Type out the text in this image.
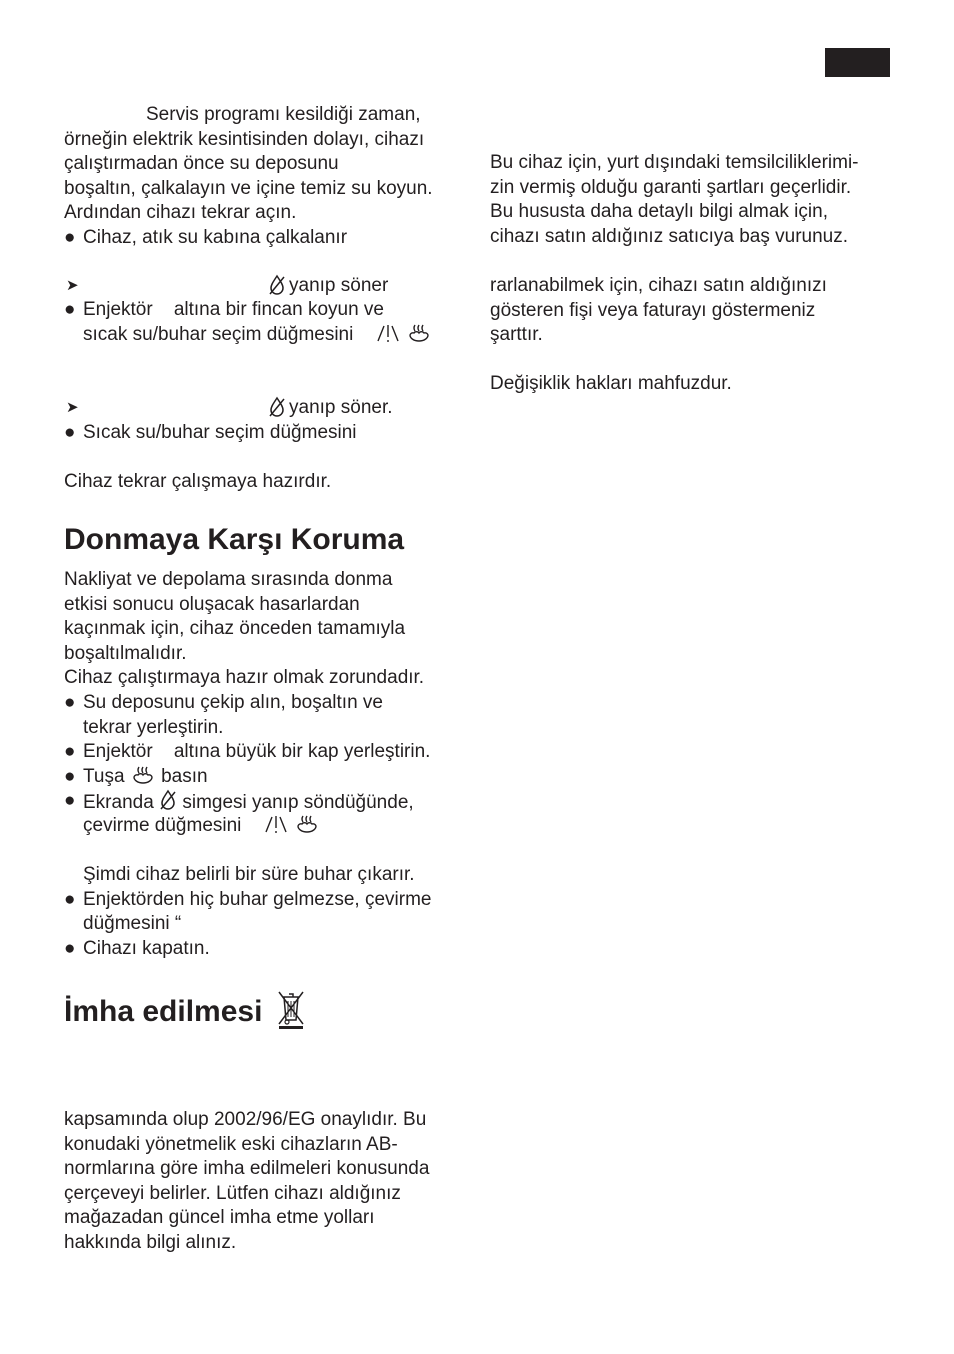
Servis programı kesildiği zaman,
örneğin elektrik kesintisinden dolayı, cihazı
çalıştırmadan önce su deposunu
boşaltın, çalkalayın ve içine temiz su koyun.
Ardından cihazı tekrar açın.
● Cihaz, atık su kabına çalkalanır
➤	yanıp söner
● Enjektör    altına bir fincan koyun ve
sıcak su/buhar seçim düğmesini
➤	yanıp söner.
● Sıcak su/buhar seçim düğmesini
Cihaz tekrar çalışmaya hazırdır.
Donmaya Karşı Koruma
Nakliyat ve depolama sırasında donma
etkisi sonucu oluşacak hasarlardan
kaçınmak için, cihaz önceden tamamıyla
boşaltılmalıdır.
Cihaz çalıştırmaya hazır olmak zorundadır.
● Su deposunu çekip alın, boşaltın ve
tekrar yerleştirin.
● Enjektör    altına büyük bir kap yerleştirin.
● Tuşa basın
● Ekranda simgesi yanıp söndüğünde,
çevirme düğmesini
Şimdi cihaz belirli bir süre buhar çıkarır.
● Enjektörden hiç buhar gelmezse, çevirme
düğmesini “
● Cihazı kapatın.
İmha edilmesi
kapsamında olup 2002/96/EG onaylıdır. Bu
konudaki yönetmelik eski cihazların AB-
normlarına göre imha edilmeleri konusunda
çerçeveyi belirler. Lütfen cihazı aldığınız
mağazadan güncel imha etme yolları
hakkında bilgi alınız.
Bu cihaz için, yurt dışındaki temsilciliklerimi-
zin vermiş olduğu garanti şartları geçerlidir.
Bu hususta daha detaylı bilgi almak için,
cihazı satın aldığınız satıcıya baş vurunuz.
rarlanabilmek için, cihazı satın aldığınızı
gösteren fişi veya faturayı göstermeniz
şarttır.
Değişiklik hakları mahfuzdur.
